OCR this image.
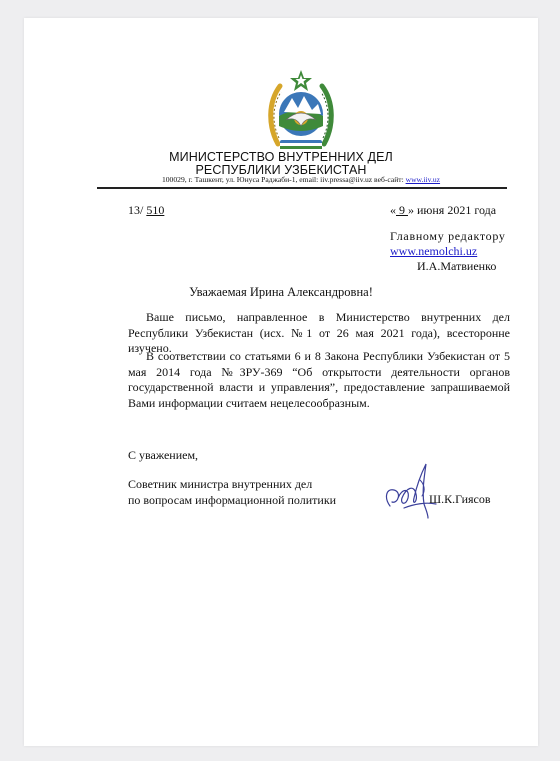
МИНИСТЕРСТВО ВНУТРЕННИХ ДЕЛ
РЕСПУБЛИКИ УЗБЕКИСТАН
100029, г. Ташкент, ул. Юнуса Раджаби-1, email: iiv.pressa@iiv.uz веб-сайт: www.iiv.uz
13/ 510	« 9 » июня 2021 года
Главному редактору
www.nemolchi.uz
И.А.Матвиенко
Уважаемая Ирина Александровна!
Ваше письмо, направленное в Министерство внутренних дел Республики Узбекистан (исх. №1 от 26 мая 2021 года), всесторонне изучено.
В соответствии со статьями 6 и 8 Закона Республики Узбекистан от 5 мая 2014 года №ЗРУ-369 “Об открытости деятельности органов государственной власти и управления”, предоставление запрашиваемой Вами информации считаем нецелесообразным.
С уважением,
Советник министра внутренних дел
по вопросам информационной политики	Ш.К.Гиясов
